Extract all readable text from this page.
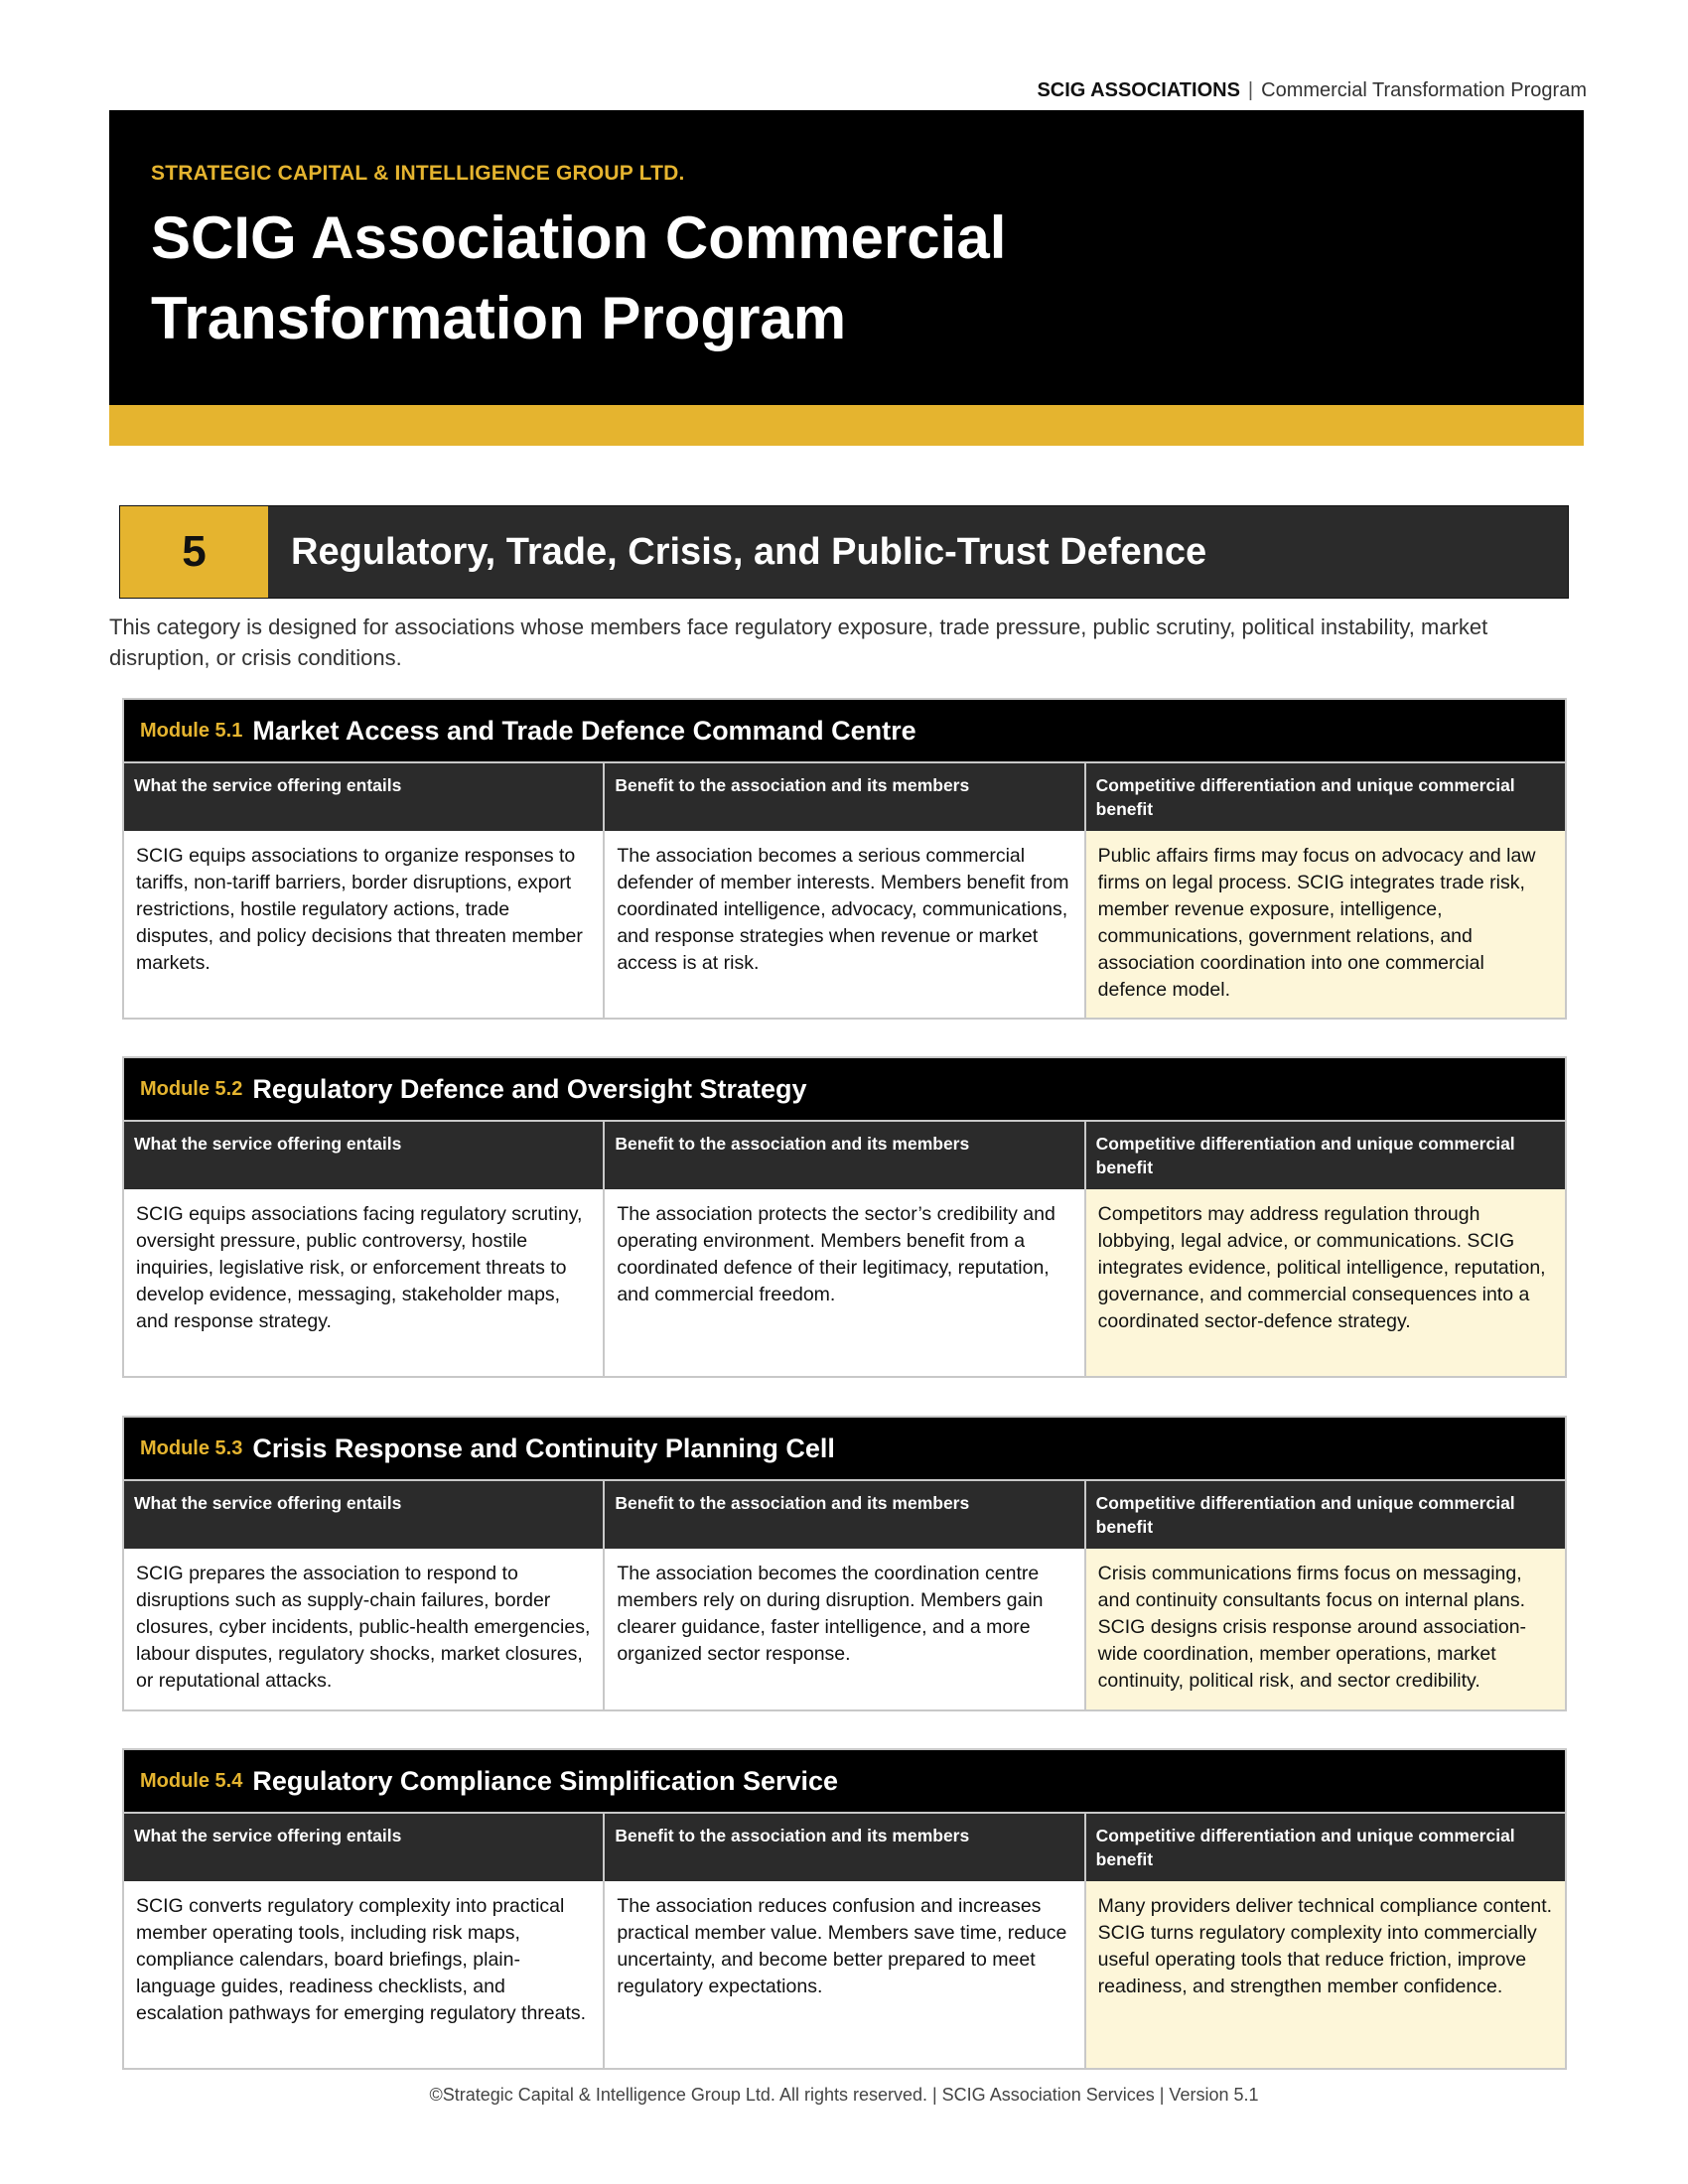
SCIG ASSOCIATIONS | Commercial Transformation Program
STRATEGIC CAPITAL & INTELLIGENCE GROUP LTD.
SCIG Association Commercial
Transformation Program
5	Regulatory, Trade, Crisis, and Public-Trust Defence

This category is designed for associations whose members face regulatory exposure, trade pressure, public scrutiny, political instability, market disruption, or crisis conditions.

Module 5.1 Market Access and Trade Defence Command Centre
What the service offering entails
SCIG equips associations to organize responses to tariffs, non-tariff barriers, border disruptions, export restrictions, hostile regulatory actions, trade disputes, and policy decisions that threaten member markets.
Benefit to the association and its members
The association becomes a serious commercial defender of member interests. Members benefit from coordinated intelligence, advocacy, communications, and response strategies when revenue or market access is at risk.
Competitive differentiation and unique commercial benefit
Public affairs firms may focus on advocacy and law firms on legal process. SCIG integrates trade risk, member revenue exposure, intelligence, communications, government relations, and association coordination into one commercial defence model.
Module 5.2 Regulatory Defence and Oversight Strategy
What the service offering entails
SCIG equips associations facing regulatory scrutiny, oversight pressure, public controversy, hostile inquiries, legislative risk, or enforcement threats to develop evidence, messaging, stakeholder maps, and response strategy.
Benefit to the association and its members
The association protects the sector’s credibility and operating environment. Members benefit from a coordinated defence of their legitimacy, reputation, and commercial freedom.
Competitive differentiation and unique commercial benefit
Competitors may address regulation through lobbying, legal advice, or communications. SCIG integrates evidence, political intelligence, reputation, governance, and commercial consequences into a coordinated sector-defence strategy.
Module 5.3 Crisis Response and Continuity Planning Cell
What the service offering entails
SCIG prepares the association to respond to disruptions such as supply-chain failures, border closures, cyber incidents, public-health emergencies, labour disputes, regulatory shocks, market closures, or reputational attacks.
Benefit to the association and its members
The association becomes the coordination centre members rely on during disruption. Members gain clearer guidance, faster intelligence, and a more organized sector response.
Competitive differentiation and unique commercial benefit
Crisis communications firms focus on messaging, and continuity consultants focus on internal plans. SCIG designs crisis response around association-wide coordination, member operations, market continuity, political risk, and sector credibility.
Module 5.4 Regulatory Compliance Simplification Service
What the service offering entails
SCIG converts regulatory complexity into practical member operating tools, including risk maps, compliance calendars, board briefings, plain-language guides, readiness checklists, and escalation pathways for emerging regulatory threats.
Benefit to the association and its members
The association reduces confusion and increases practical member value. Members save time, reduce uncertainty, and become better prepared to meet regulatory expectations.
Competitive differentiation and unique commercial benefit
Many providers deliver technical compliance content. SCIG turns regulatory complexity into commercially useful operating tools that reduce friction, improve readiness, and strengthen member confidence.
©Strategic Capital & Intelligence Group Ltd. All rights reserved. | SCIG Association Services | Version 5.1
